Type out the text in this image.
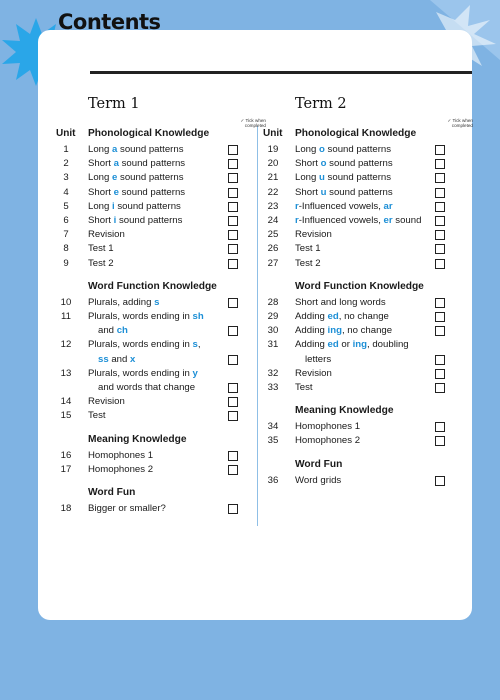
Term 1
✓ Tick when completed
Unit Phonological Knowledge
1	Long a sound patterns
2	Short a sound patterns
3	Long e sound patterns
4	Short e sound patterns
5	Long i sound patterns
6	Short i sound patterns
7	Revision
8	Test 1
9	Test 2
Word Function Knowledge
10 Plurals, adding s
11	Plurals, words ending in sh
and ch
12 Plurals, words ending in s,
ss and x
13 Plurals, words ending in y
and words that change
14 Revision
15 Test
Meaning Knowledge
16 Homophones 1
17 Homophones 2
Word Fun
18 Bigger or smaller?
Term 2
✓ Tick when completed
Unit Phonological Knowledge
19 Long o sound patterns
20 Short o sound patterns
21 Long u sound patterns
22 Short u sound patterns
23 r-Influenced vowels, ar
24 r-Influenced vowels, er sound
25 Revision
26 Test 1
27 Test 2
Word Function Knowledge
28 Short and long words
29 Adding ed, no change
30 Adding ing, no change
31 Adding ed or ing, doubling
letters
32 Revision
33 Test
Meaning Knowledge
34 Homophones 1
35 Homophones 2
Word Fun
36 Word grids
Contents
